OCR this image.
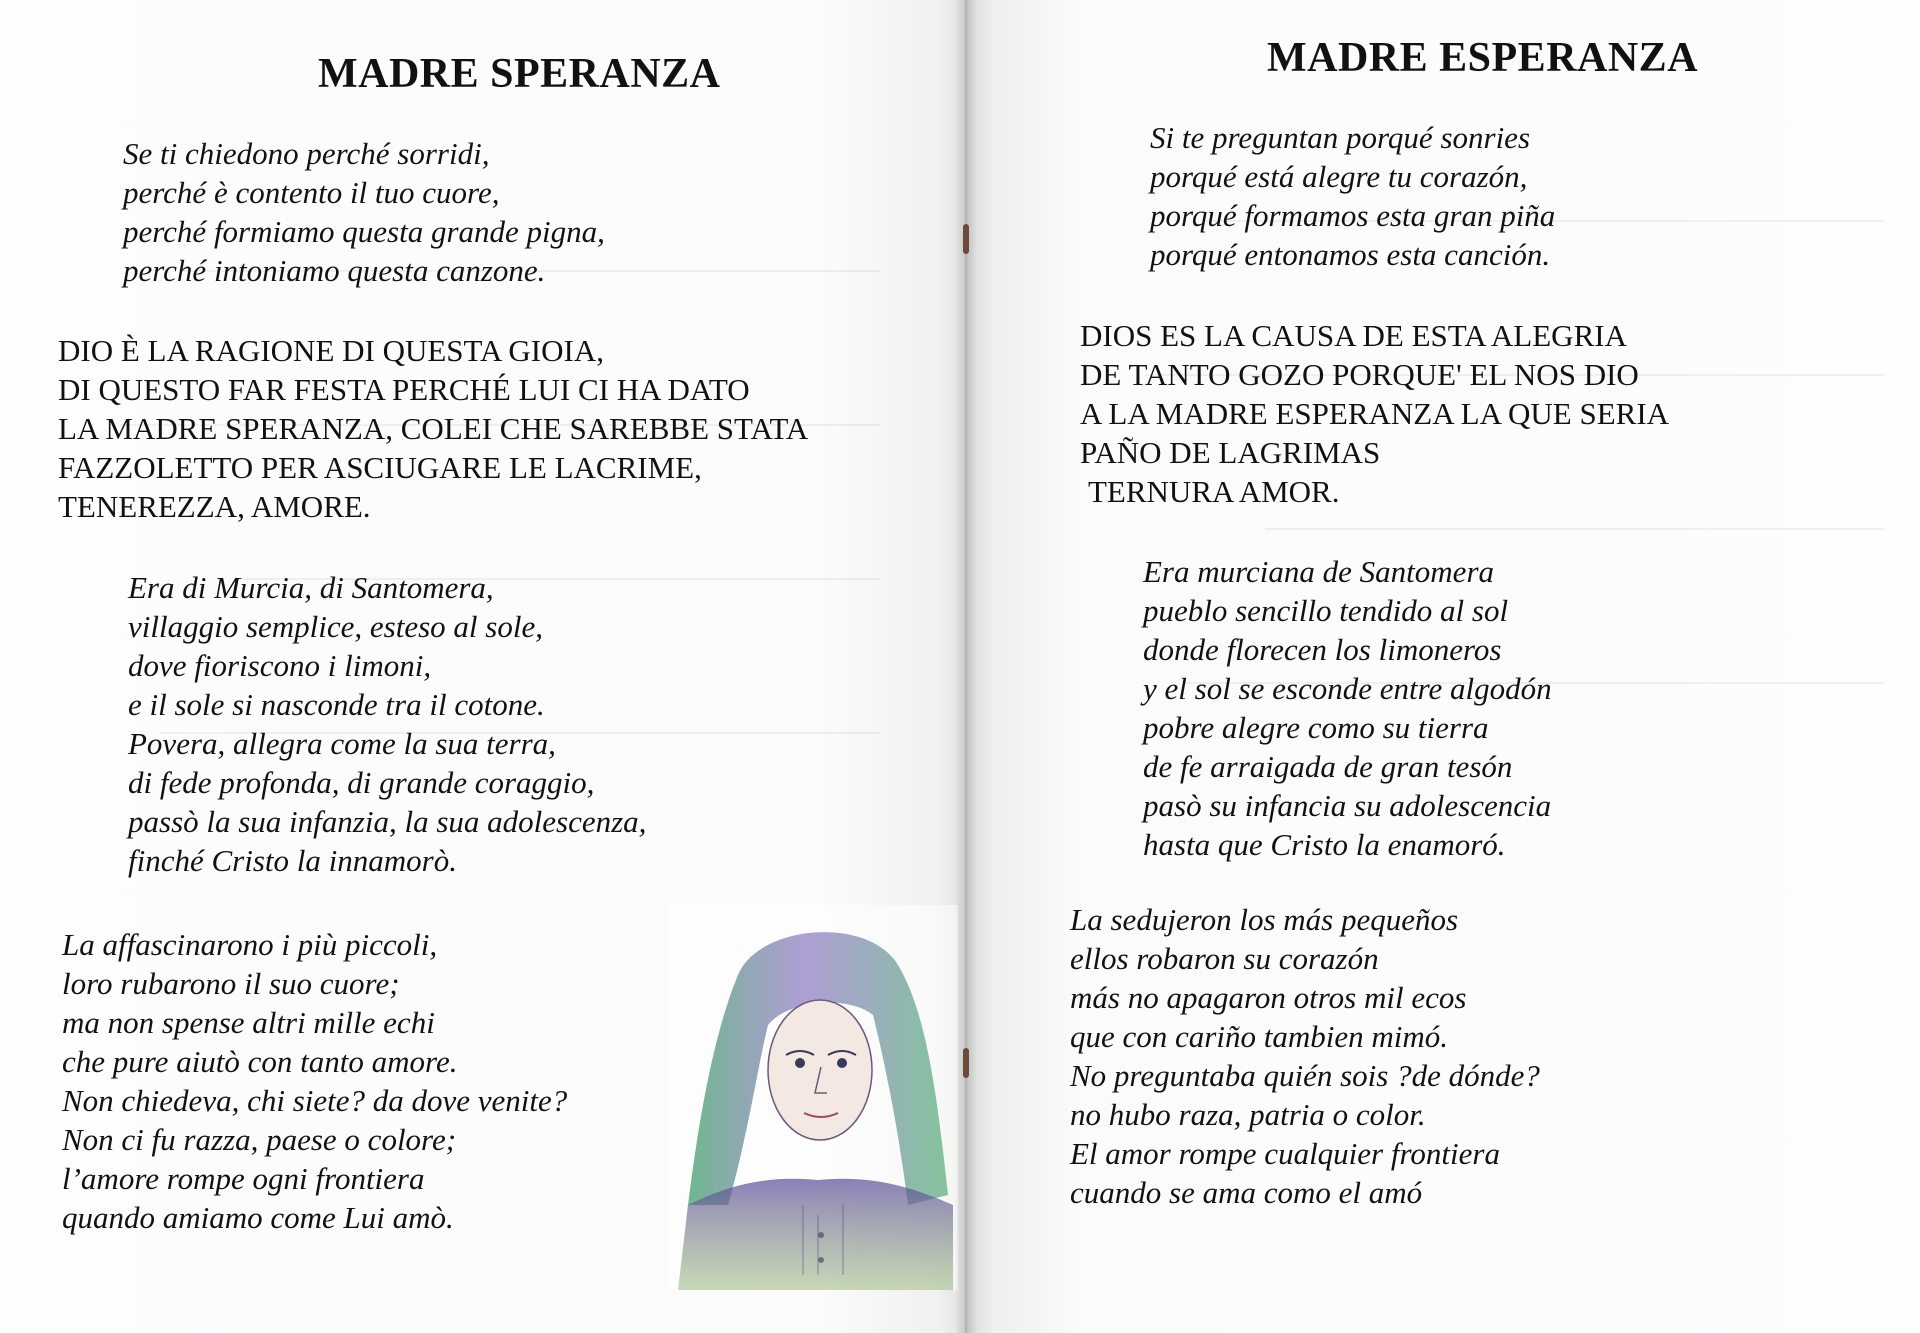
MADRE SPERANZA
Se ti chiedono perché sorridi,
perché è contento il tuo cuore,
perché formiamo questa grande pigna,
perché intoniamo questa canzone.
DIO È LA RAGIONE DI QUESTA GIOIA,
DI QUESTO FAR FESTA PERCHÉ LUI CI HA DATO
LA MADRE SPERANZA, COLEI CHE SAREBBE STATA
FAZZOLETTO PER ASCIUGARE LE LACRIME,
TENEREZZA, AMORE.
Era di Murcia, di Santomera,
villaggio semplice, esteso al sole,
dove fioriscono i limoni,
e il sole si nasconde tra il cotone.
Povera, allegra come la sua terra,
di fede profonda, di grande coraggio,
passò la sua infanzia, la sua adolescenza,
finché Cristo la innamorò.
La affascinarono i più piccoli,
loro rubarono il suo cuore;
ma non spense altri mille echi
che pure aiutò con tanto amore.
Non chiedeva, chi siete? da dove venite?
Non ci fu razza, paese o colore;
l’amore rompe ogni frontiera
quando amiamo come Lui amò.

MADRE ESPERANZA
Si te preguntan porqué sonries
porqué está alegre tu corazón,
porqué formamos esta gran piña
porqué entonamos esta canción.
DIOS ES LA CAUSA DE ESTA ALEGRIA
DE TANTO GOZO PORQUE' EL NOS DIO
A LA MADRE ESPERANZA LA QUE SERIA
PAÑO DE LAGRIMAS
TERNURA AMOR.
Era murciana de Santomera
pueblo sencillo tendido al sol
donde florecen los limoneros
y el sol se esconde entre algodón
pobre alegre como su tierra
de fe arraigada de gran tesón
pasò su infancia su adolescencia
hasta que Cristo la enamoró.
La sedujeron los más pequeños
ellos robaron su corazón
más no apagaron otros mil ecos
que con cariño tambien mimó.
No preguntaba quién sois ?de dónde?
no hubo raza, patria o color.
El amor rompe cualquier frontiera
cuando se ama como el amó
